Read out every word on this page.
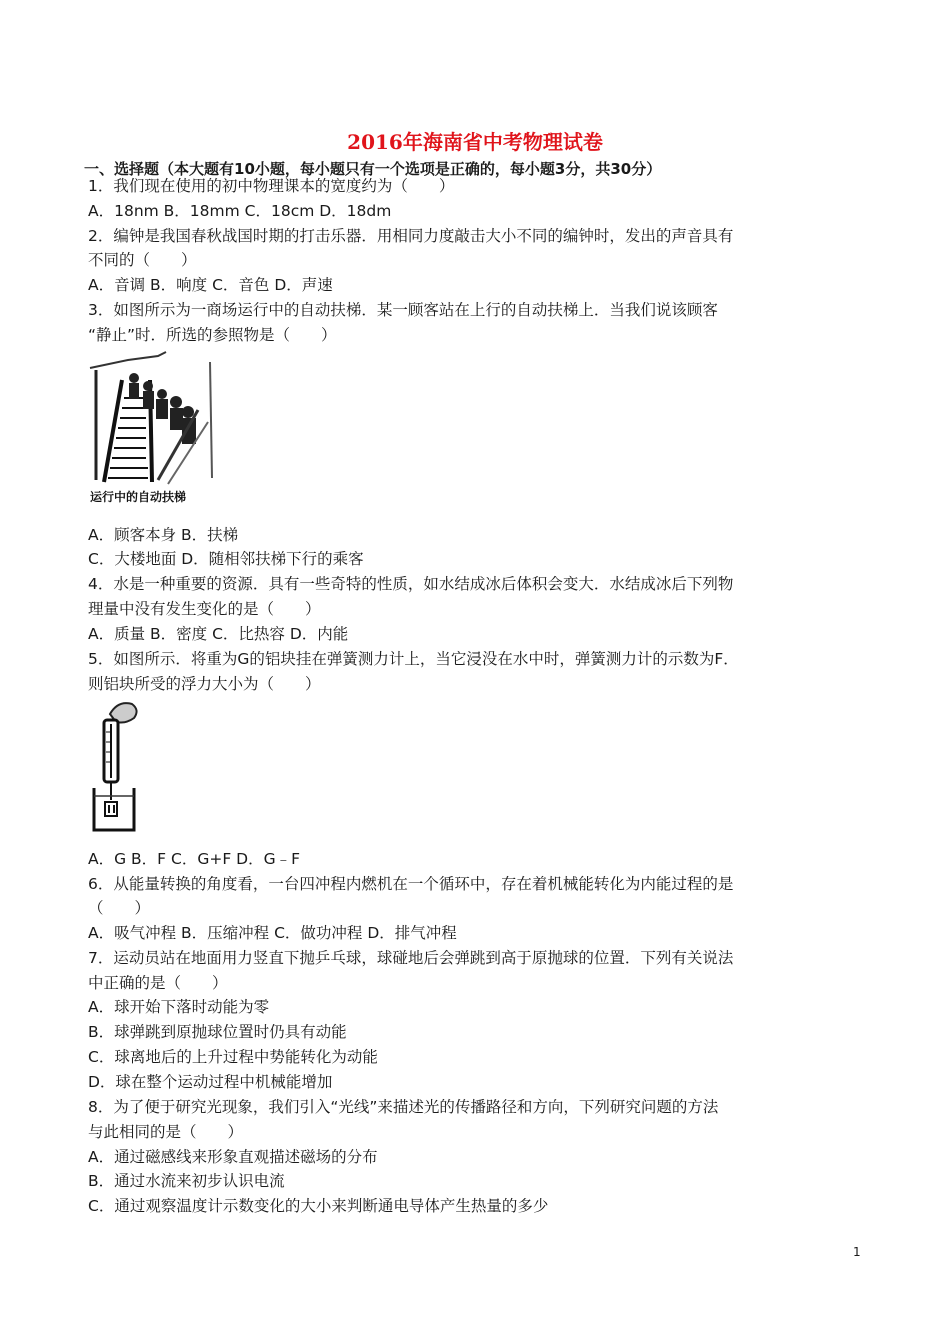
2016年海南省中考物理试卷
一、选择题（本大题有10小题，每小题只有一个选项是正确的，每小题3分，共30分）
1．我们现在使用的初中物理课本的宽度约为（　　）
A．18nm B．18mm C．18cm D．18dm
2．编钟是我国春秋战国时期的打击乐器．用相同力度敲击大小不同的编钟时，发出的声音具有
不同的（　　）
A．音调 B．响度 C．音色 D．声速
3．如图所示为一商场运行中的自动扶梯．某一顾客站在上行的自动扶梯上．当我们说该顾客
“静止”时．所选的参照物是（　　）
运行中的自动扶梯
A．顾客本身 B．扶梯
C．大楼地面 D．随相邻扶梯下行的乘客
4．水是一种重要的资源．具有一些奇特的性质，如水结成冰后体积会变大．水结成冰后下列物
理量中没有发生变化的是（　　）
A．质量 B．密度 C．比热容 D．内能
5．如图所示．将重为G的铝块挂在弹簧测力计上，当它浸没在水中时，弹簧测力计的示数为F．
则铝块所受的浮力大小为（　　）
A．G B．F C．G+F D．G﹣F
6．从能量转换的角度看，一台四冲程内燃机在一个循环中，存在着机械能转化为内能过程的是
（　　）
A．吸气冲程 B．压缩冲程 C．做功冲程 D．排气冲程
7．运动员站在地面用力竖直下抛乒乓球，球碰地后会弹跳到高于原抛球的位置．下列有关说法
中正确的是（　　）
A．球开始下落时动能为零
B．球弹跳到原抛球位置时仍具有动能
C．球离地后的上升过程中势能转化为动能
D．球在整个运动过程中机械能增加
8．为了便于研究光现象，我们引入“光线”来描述光的传播路径和方向，下列研究问题的方法
与此相同的是（　　）
A．通过磁感线来形象直观描述磁场的分布
B．通过水流来初步认识电流
C．通过观察温度计示数变化的大小来判断通电导体产生热量的多少
1
